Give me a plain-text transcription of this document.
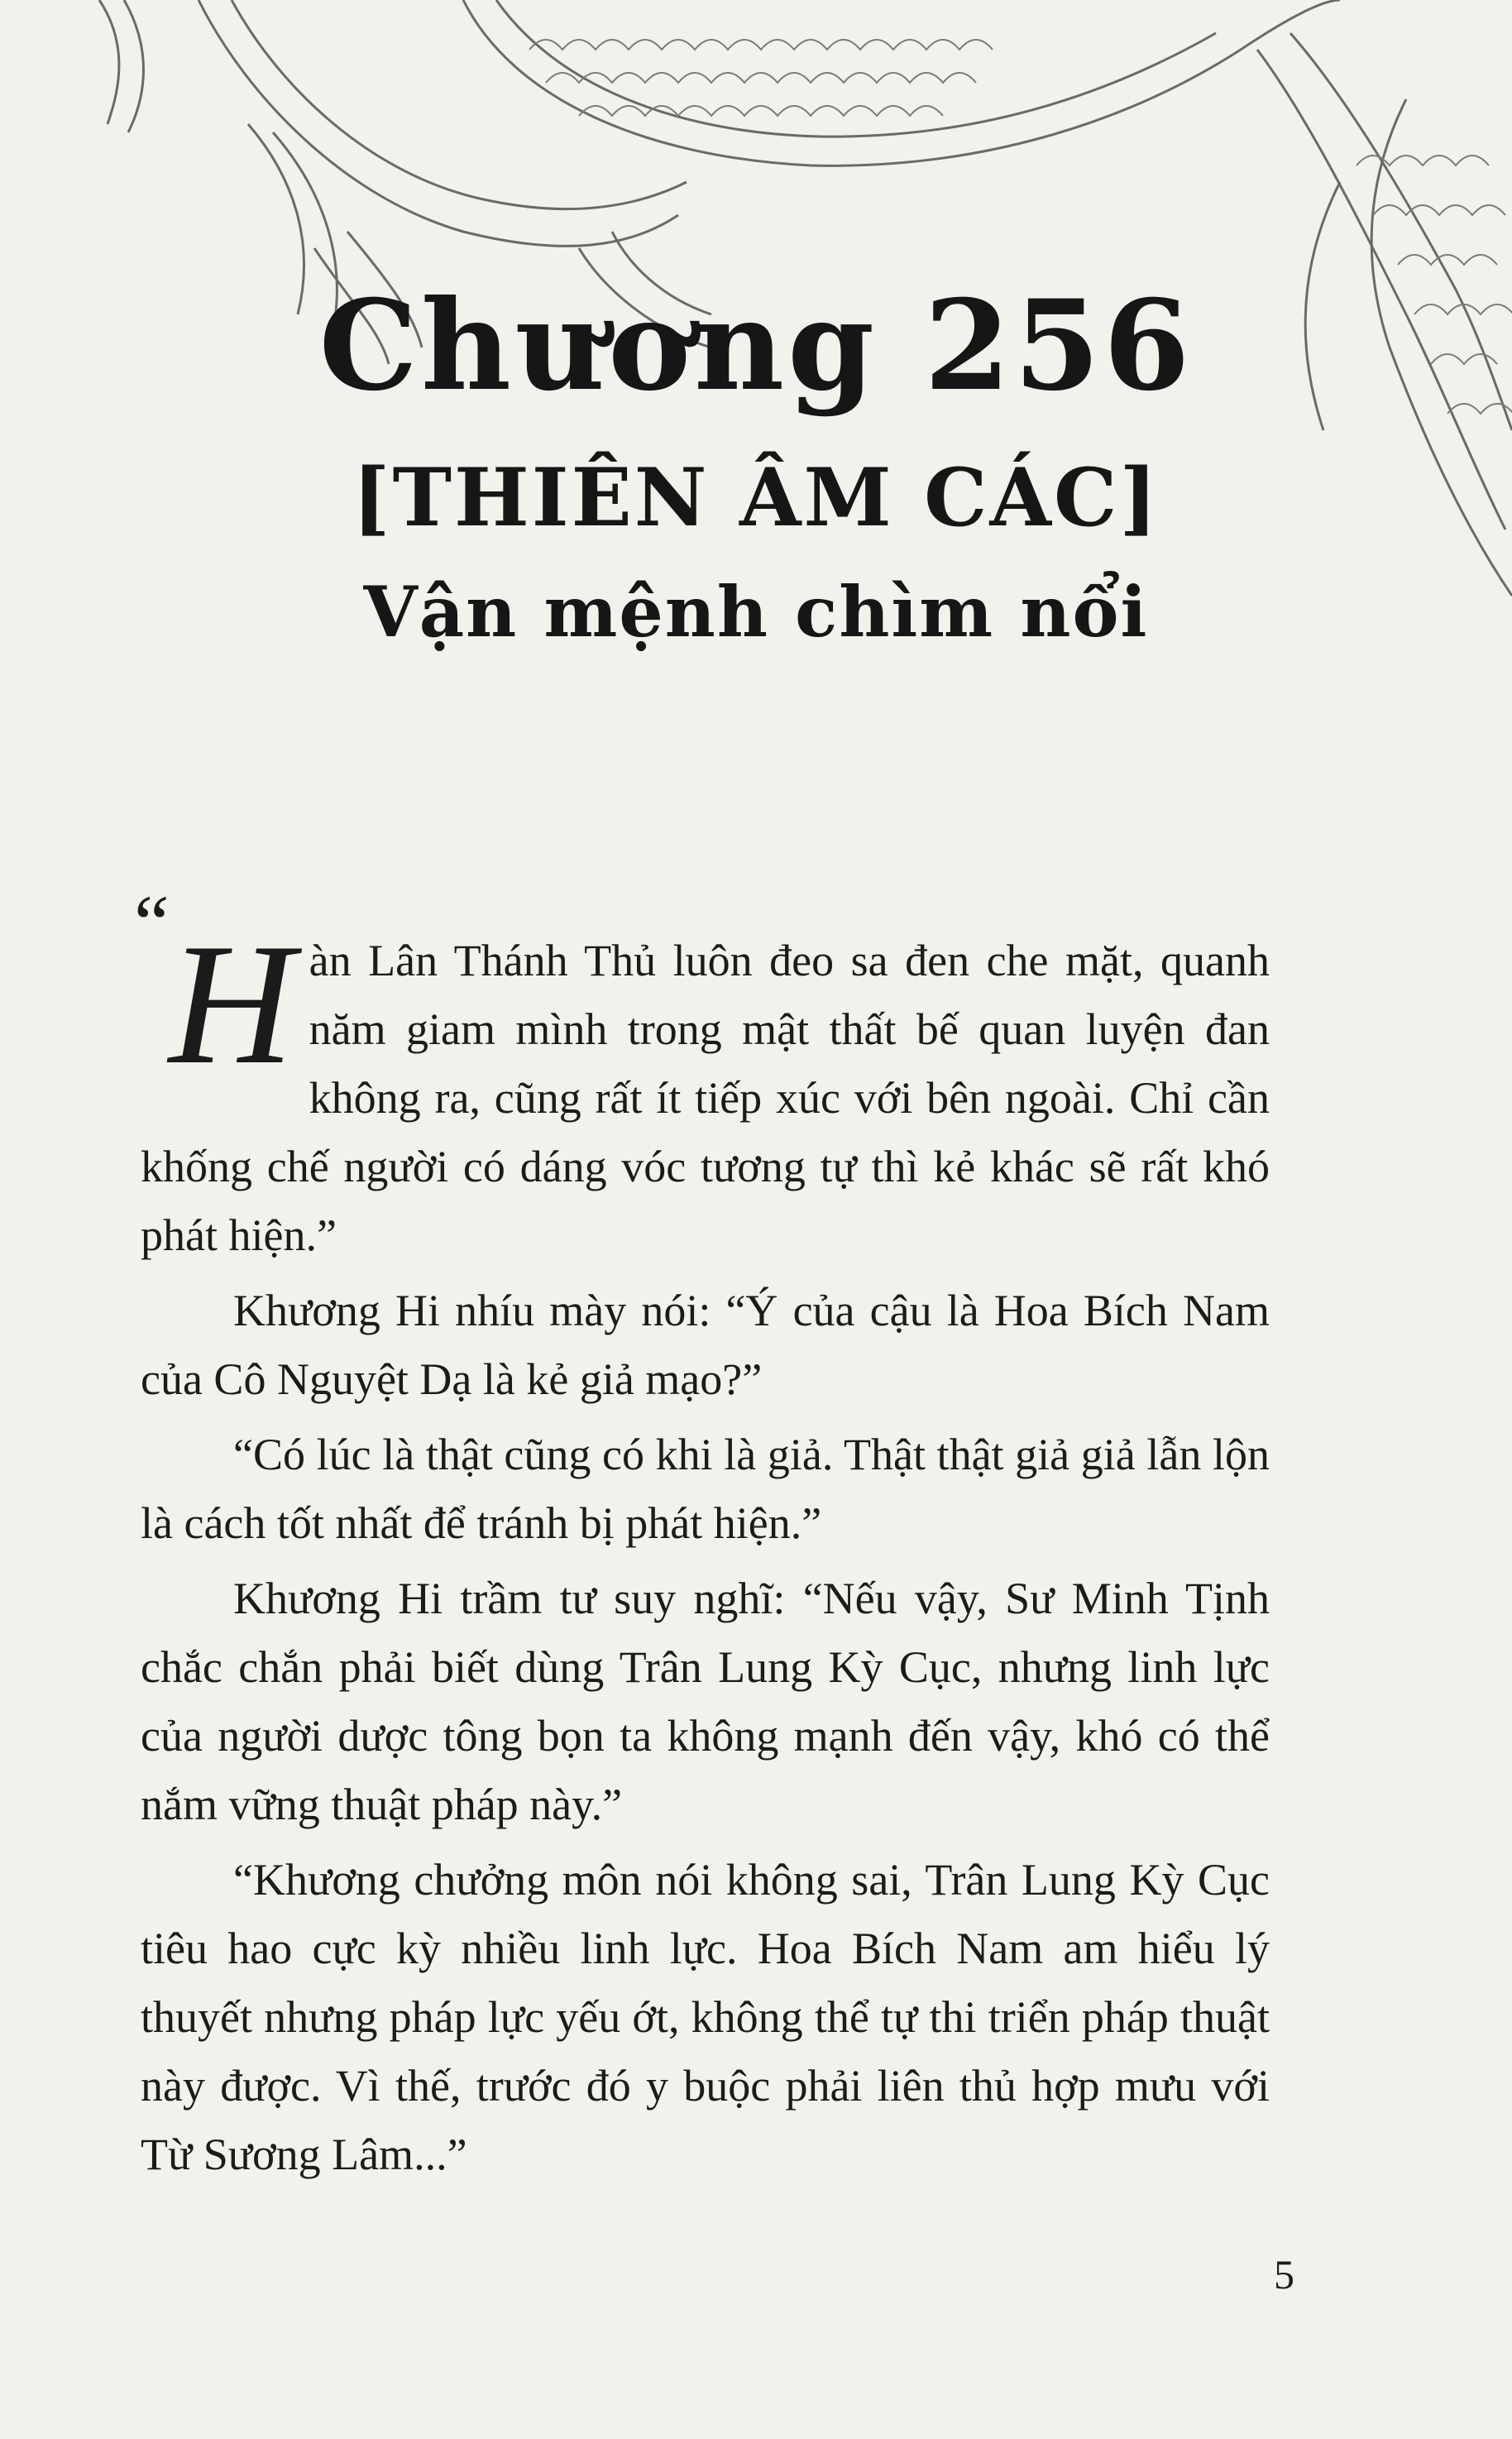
Chương 256
[THIÊN ÂM CÁC]
Vận mệnh chìm nổi

“ H àn Lân Thánh Thủ luôn đeo sa đen che mặt, quanh năm giam mình trong mật thất bế quan luyện đan không ra, cũng rất ít tiếp xúc với bên ngoài. Chỉ cần khống chế người có dáng vóc tương tự thì kẻ khác sẽ rất khó phát hiện.”

Khương Hi nhíu mày nói: “Ý của cậu là Hoa Bích Nam của Cô Nguyệt Dạ là kẻ giả mạo?”

“Có lúc là thật cũng có khi là giả. Thật thật giả giả lẫn lộn là cách tốt nhất để tránh bị phát hiện.”

Khương Hi trầm tư suy nghĩ: “Nếu vậy, Sư Minh Tịnh chắc chắn phải biết dùng Trân Lung Kỳ Cục, nhưng linh lực của người dược tông bọn ta không mạnh đến vậy, khó có thể nắm vững thuật pháp này.”

“Khương chưởng môn nói không sai, Trân Lung Kỳ Cục tiêu hao cực kỳ nhiều linh lực. Hoa Bích Nam am hiểu lý thuyết nhưng pháp lực yếu ớt, không thể tự thi triển pháp thuật này được. Vì thế, trước đó y buộc phải liên thủ hợp mưu với Từ Sương Lâm...”

5
